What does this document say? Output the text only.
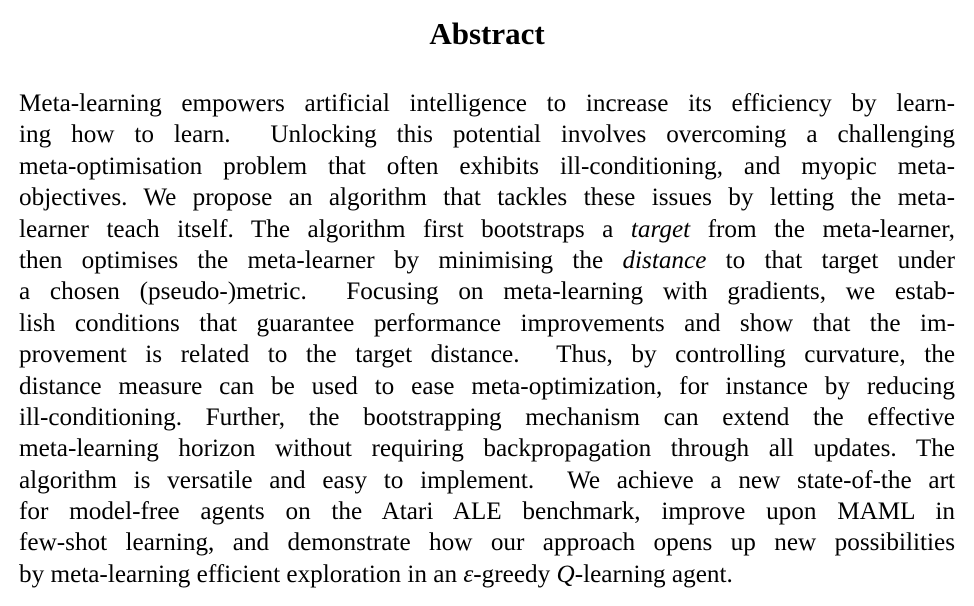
Abstract
Meta-learning empowers artificial intelligence to increase its efficiency by learn-
ing how to learn.  Unlocking this potential involves overcoming a challenging
meta-optimisation problem that often exhibits ill-conditioning, and myopic meta-
objectives. We propose an algorithm that tackles these issues by letting the meta-
learner teach itself. The algorithm first bootstraps a target from the meta-learner,
then optimises the meta-learner by minimising the distance to that target under
a chosen (pseudo-)metric.  Focusing on meta-learning with gradients, we estab-
lish conditions that guarantee performance improvements and show that the im-
provement is related to the target distance.  Thus, by controlling curvature, the
distance measure can be used to ease meta-optimization, for instance by reducing
ill-conditioning. Further, the bootstrapping mechanism can extend the effective
meta-learning horizon without requiring backpropagation through all updates. The
algorithm is versatile and easy to implement.  We achieve a new state-of-the art
for model-free agents on the Atari ALE benchmark, improve upon MAML in
few-shot learning, and demonstrate how our approach opens up new possibilities
by meta-learning efficient exploration in an ε-greedy Q-learning agent.
